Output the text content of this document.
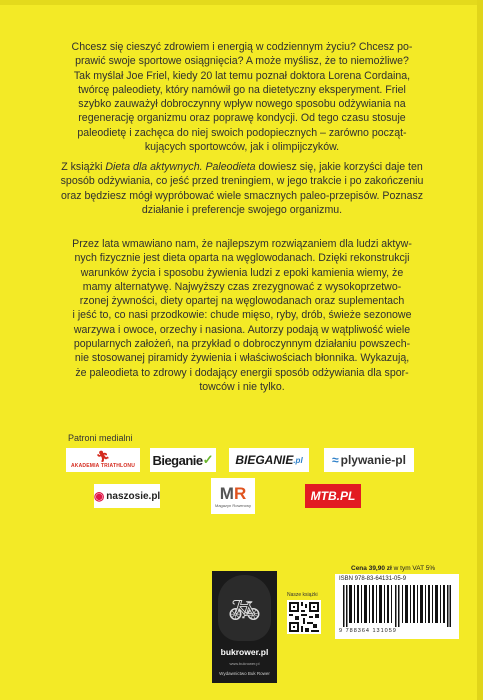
Chcesz się cieszyć zdrowiem i energią w codziennym życiu? Chcesz po-
prawić swoje sportowe osiągnięcia? A może myślisz, że to niemożliwe?
Tak myślał Joe Friel, kiedy 20 lat temu poznał doktora Lorena Cordaina,
twórcę paleodiety, który namówił go na dietetyczny eksperyment. Friel
szybko zauważył dobroczynny wpływ nowego sposobu odżywiania na
regenerację organizmu oraz poprawę kondycji. Od tego czasu stosuje
paleodietę i zachęca do niej swoich podopiecznych – zarówno począt-
kujących sportowców, jak i olimpijczyków.
Z książki Dieta dla aktywnych. Paleodieta dowiesz się, jakie korzyści daje ten sposób odżywiania, co jeść przed treningiem, w jego trakcie i po zakończeniu oraz będziesz mógł wypróbować wiele smacznych paleo-przepisów. Poznasz działanie i preferencje swojego organizmu.
Przez lata wmawiano nam, że najlepszym rozwiązaniem dla ludzi aktyw-
nych fizycznie jest dieta oparta na węglowodanach. Dzięki rekonstrukcji
warunków życia i sposobu żywienia ludzi z epoki kamienia wiemy, że
mamy alternatywę. Najwyższy czas zrezygnować z wysokoprzetwo-
rzonej żywności, diety opartej na węglowodanach oraz suplementach
i jeść to, co nasi przodkowie: chude mięso, ryby, drób, świeże sezonowe
warzywa i owoce, orzechy i nasiona. Autorzy podają w wątpliwość wiele
popularnych założeń, na przykład o dobroczynnym działaniu powszech-
nie stosowanej piramidy żywienia i właściwościach błonnika. Wykazują,
że paleodieta to zdrowy i dodający energii sposób odżywiania dla spor-
towców i nie tylko.
Patroni medialni
🏃︎
AKADEMIA TRIATHLONU Bieganie ✓ BIEGANIE .pl ≈ plywanie-pl
◉ naszosie.pl	MR
Magazyn Rowerowy
MTB.PL
🚲︎
bukrower.pl
www.bukrower.pl
Wydawnictwo Buk Rower
Nasze książki
Cena 39,90 zł w tym VAT 5%
ISBN 978-83-64131-05-9
9 788364 131059
